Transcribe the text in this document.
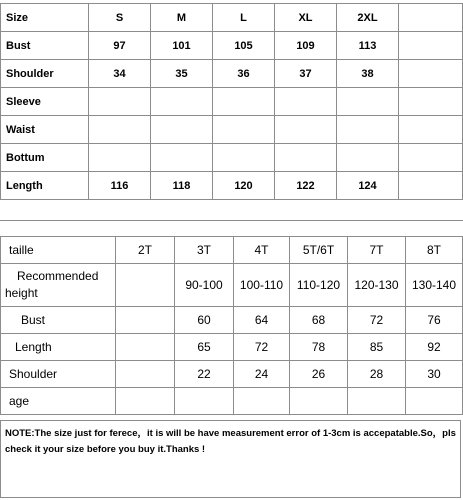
Size	S	M	L	XL	2XL	
Bust	97	101	105	109	113	
Shoulder	34	35	36	37	38	
Sleeve						
Waist						
Bottum						
Length	116	118	120	122	124	
taille	2T	3T	4T	5T/6T	7T	8T

Recommended
height		90-100	100-110	110-120	120-130	130-140
Bust		60	64	68	72	76
Length		65	72	78	85	92
Shoulder		22	24	26	28	30
age						
NOTE:The size just for ferece，it is will be have measurement error of 1-3cm is accepatable.So，pls check it your size before you buy it.Thanks !
